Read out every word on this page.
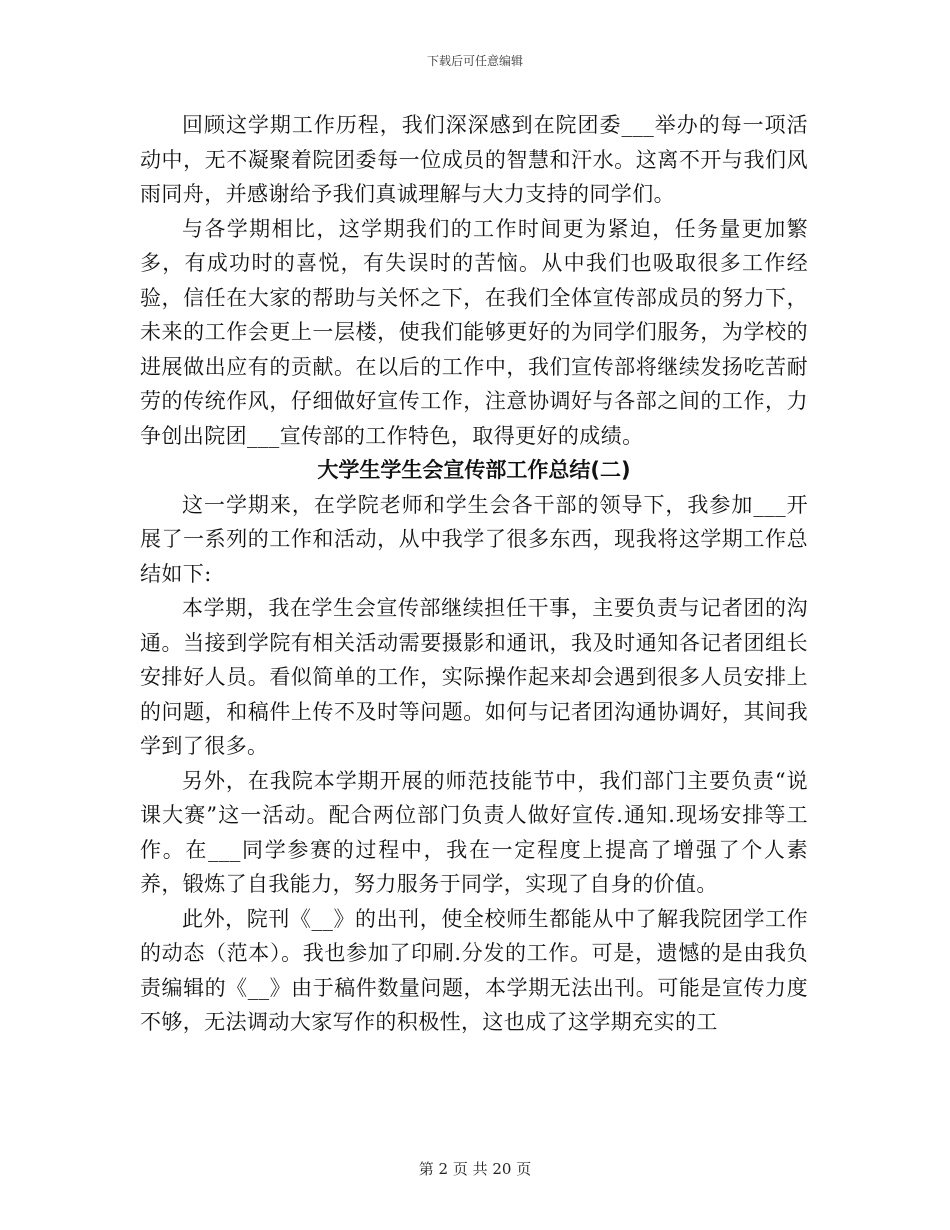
下载后可任意编辑

回顾这学期工作历程，我们深深感到在院团委___举办的每一项活动中，无不凝聚着院团委每一位成员的智慧和汗水。这离不开与我们风雨同舟，并感谢给予我们真诚理解与大力支持的同学们。

与各学期相比，这学期我们的工作时间更为紧迫，任务量更加繁多，有成功时的喜悦，有失误时的苦恼。从中我们也吸取很多工作经验，信任在大家的帮助与关怀之下，在我们全体宣传部成员的努力下，未来的工作会更上一层楼，使我们能够更好的为同学们服务，为学校的进展做出应有的贡献。在以后的工作中，我们宣传部将继续发扬吃苦耐劳的传统作风，仔细做好宣传工作，注意协调好与各部之间的工作，力争创出院团___宣传部的工作特色，取得更好的成绩。

大学生学生会宣传部工作总结(二)

这一学期来，在学院老师和学生会各干部的领导下，我参加___开展了一系列的工作和活动，从中我学了很多东西，现我将这学期工作总结如下:

本学期，我在学生会宣传部继续担任干事，主要负责与记者团的沟通。当接到学院有相关活动需要摄影和通讯，我及时通知各记者团组长安排好人员。看似简单的工作，实际操作起来却会遇到很多人员安排上的问题，和稿件上传不及时等问题。如何与记者团沟通协调好，其间我学到了很多。

另外，在我院本学期开展的师范技能节中，我们部门主要负责“说课大赛”这一活动。配合两位部门负责人做好宣传.通知.现场安排等工作。在___同学参赛的过程中，我在一定程度上提高了增强了个人素养，锻炼了自我能力，努力服务于同学，实现了自身的价值。

此外，院刊《__》的出刊，使全校师生都能从中了解我院团学工作的动态（范本）。我也参加了印刷.分发的工作。可是，遗憾的是由我负责编辑的《__》由于稿件数量问题，本学期无法出刊。可能是宣传力度不够，无法调动大家写作的积极性，这也成了这学期充实的工

第 2 页 共 20 页
